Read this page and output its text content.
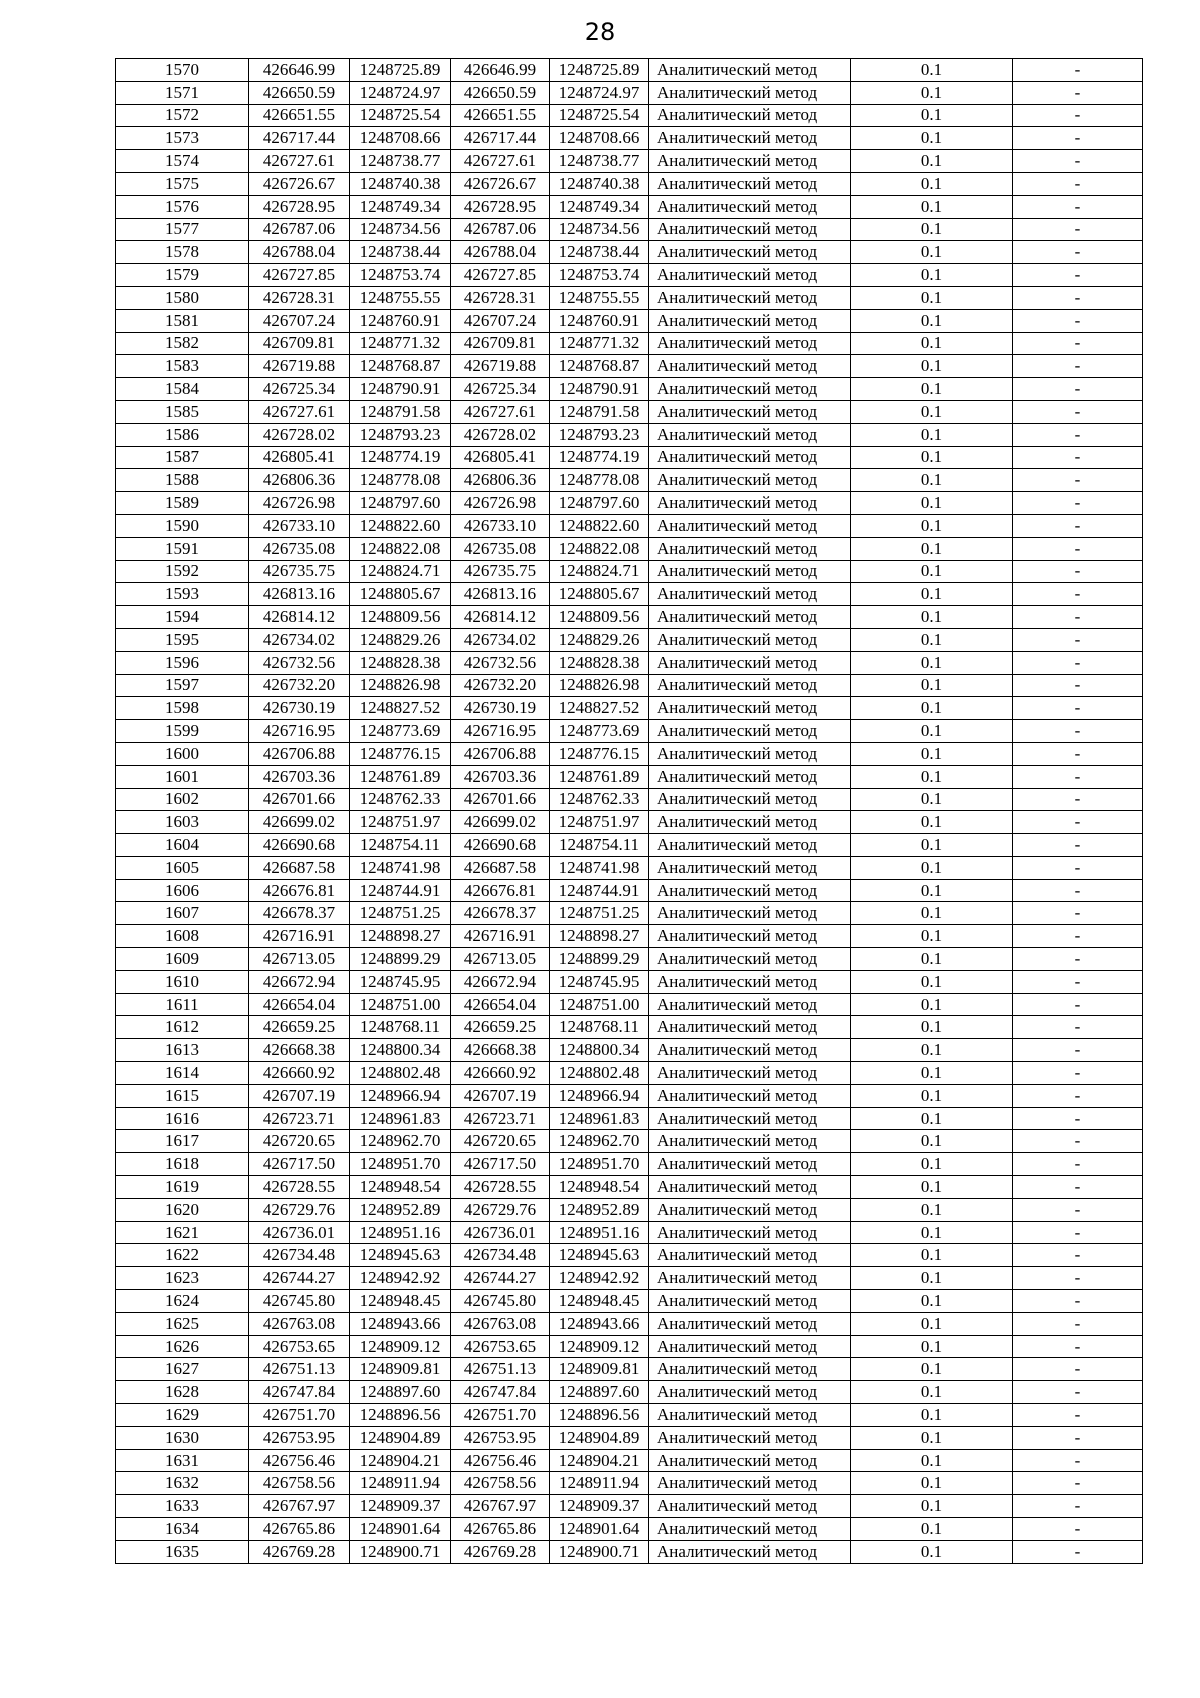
28
1570	426646.99	1248725.89	426646.99	1248725.89	Аналитический метод	0.1	-
1571	426650.59	1248724.97	426650.59	1248724.97	Аналитический метод	0.1	-
1572	426651.55	1248725.54	426651.55	1248725.54	Аналитический метод	0.1	-
1573	426717.44	1248708.66	426717.44	1248708.66	Аналитический метод	0.1	-
1574	426727.61	1248738.77	426727.61	1248738.77	Аналитический метод	0.1	-
1575	426726.67	1248740.38	426726.67	1248740.38	Аналитический метод	0.1	-
1576	426728.95	1248749.34	426728.95	1248749.34	Аналитический метод	0.1	-
1577	426787.06	1248734.56	426787.06	1248734.56	Аналитический метод	0.1	-
1578	426788.04	1248738.44	426788.04	1248738.44	Аналитический метод	0.1	-
1579	426727.85	1248753.74	426727.85	1248753.74	Аналитический метод	0.1	-
1580	426728.31	1248755.55	426728.31	1248755.55	Аналитический метод	0.1	-
1581	426707.24	1248760.91	426707.24	1248760.91	Аналитический метод	0.1	-
1582	426709.81	1248771.32	426709.81	1248771.32	Аналитический метод	0.1	-
1583	426719.88	1248768.87	426719.88	1248768.87	Аналитический метод	0.1	-
1584	426725.34	1248790.91	426725.34	1248790.91	Аналитический метод	0.1	-
1585	426727.61	1248791.58	426727.61	1248791.58	Аналитический метод	0.1	-
1586	426728.02	1248793.23	426728.02	1248793.23	Аналитический метод	0.1	-
1587	426805.41	1248774.19	426805.41	1248774.19	Аналитический метод	0.1	-
1588	426806.36	1248778.08	426806.36	1248778.08	Аналитический метод	0.1	-
1589	426726.98	1248797.60	426726.98	1248797.60	Аналитический метод	0.1	-
1590	426733.10	1248822.60	426733.10	1248822.60	Аналитический метод	0.1	-
1591	426735.08	1248822.08	426735.08	1248822.08	Аналитический метод	0.1	-
1592	426735.75	1248824.71	426735.75	1248824.71	Аналитический метод	0.1	-
1593	426813.16	1248805.67	426813.16	1248805.67	Аналитический метод	0.1	-
1594	426814.12	1248809.56	426814.12	1248809.56	Аналитический метод	0.1	-
1595	426734.02	1248829.26	426734.02	1248829.26	Аналитический метод	0.1	-
1596	426732.56	1248828.38	426732.56	1248828.38	Аналитический метод	0.1	-
1597	426732.20	1248826.98	426732.20	1248826.98	Аналитический метод	0.1	-
1598	426730.19	1248827.52	426730.19	1248827.52	Аналитический метод	0.1	-
1599	426716.95	1248773.69	426716.95	1248773.69	Аналитический метод	0.1	-
1600	426706.88	1248776.15	426706.88	1248776.15	Аналитический метод	0.1	-
1601	426703.36	1248761.89	426703.36	1248761.89	Аналитический метод	0.1	-
1602	426701.66	1248762.33	426701.66	1248762.33	Аналитический метод	0.1	-
1603	426699.02	1248751.97	426699.02	1248751.97	Аналитический метод	0.1	-
1604	426690.68	1248754.11	426690.68	1248754.11	Аналитический метод	0.1	-
1605	426687.58	1248741.98	426687.58	1248741.98	Аналитический метод	0.1	-
1606	426676.81	1248744.91	426676.81	1248744.91	Аналитический метод	0.1	-
1607	426678.37	1248751.25	426678.37	1248751.25	Аналитический метод	0.1	-
1608	426716.91	1248898.27	426716.91	1248898.27	Аналитический метод	0.1	-
1609	426713.05	1248899.29	426713.05	1248899.29	Аналитический метод	0.1	-
1610	426672.94	1248745.95	426672.94	1248745.95	Аналитический метод	0.1	-
1611	426654.04	1248751.00	426654.04	1248751.00	Аналитический метод	0.1	-
1612	426659.25	1248768.11	426659.25	1248768.11	Аналитический метод	0.1	-
1613	426668.38	1248800.34	426668.38	1248800.34	Аналитический метод	0.1	-
1614	426660.92	1248802.48	426660.92	1248802.48	Аналитический метод	0.1	-
1615	426707.19	1248966.94	426707.19	1248966.94	Аналитический метод	0.1	-
1616	426723.71	1248961.83	426723.71	1248961.83	Аналитический метод	0.1	-
1617	426720.65	1248962.70	426720.65	1248962.70	Аналитический метод	0.1	-
1618	426717.50	1248951.70	426717.50	1248951.70	Аналитический метод	0.1	-
1619	426728.55	1248948.54	426728.55	1248948.54	Аналитический метод	0.1	-
1620	426729.76	1248952.89	426729.76	1248952.89	Аналитический метод	0.1	-
1621	426736.01	1248951.16	426736.01	1248951.16	Аналитический метод	0.1	-
1622	426734.48	1248945.63	426734.48	1248945.63	Аналитический метод	0.1	-
1623	426744.27	1248942.92	426744.27	1248942.92	Аналитический метод	0.1	-
1624	426745.80	1248948.45	426745.80	1248948.45	Аналитический метод	0.1	-
1625	426763.08	1248943.66	426763.08	1248943.66	Аналитический метод	0.1	-
1626	426753.65	1248909.12	426753.65	1248909.12	Аналитический метод	0.1	-
1627	426751.13	1248909.81	426751.13	1248909.81	Аналитический метод	0.1	-
1628	426747.84	1248897.60	426747.84	1248897.60	Аналитический метод	0.1	-
1629	426751.70	1248896.56	426751.70	1248896.56	Аналитический метод	0.1	-
1630	426753.95	1248904.89	426753.95	1248904.89	Аналитический метод	0.1	-
1631	426756.46	1248904.21	426756.46	1248904.21	Аналитический метод	0.1	-
1632	426758.56	1248911.94	426758.56	1248911.94	Аналитический метод	0.1	-
1633	426767.97	1248909.37	426767.97	1248909.37	Аналитический метод	0.1	-
1634	426765.86	1248901.64	426765.86	1248901.64	Аналитический метод	0.1	-
1635	426769.28	1248900.71	426769.28	1248900.71	Аналитический метод	0.1	-
